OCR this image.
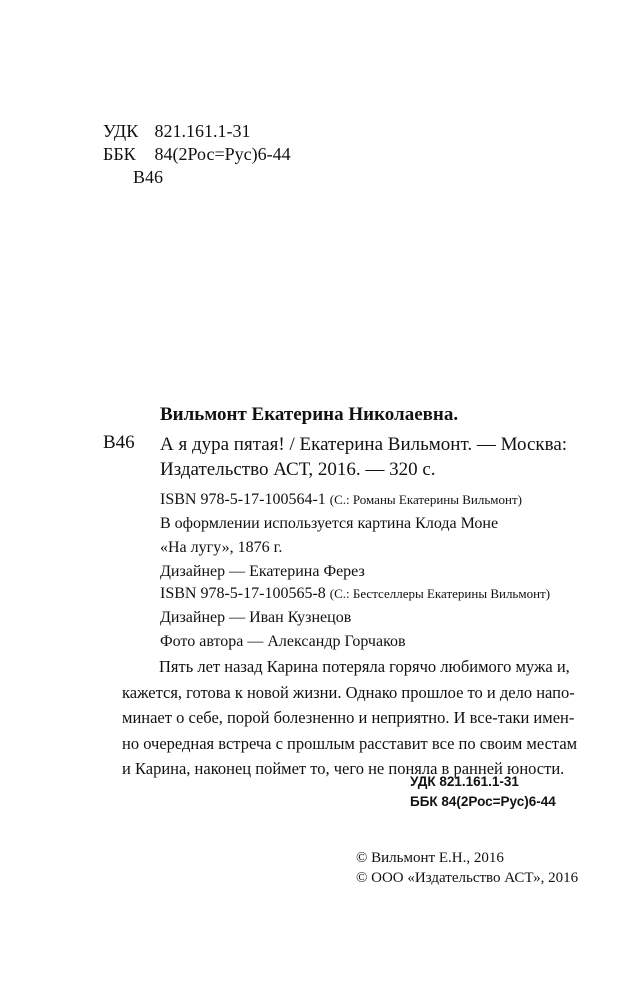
УДК 821.161.1-31
ББК 84(2Рос=Рус)6-44
В46
Вильмонт Екатерина Николаевна.
В46 А я дура пятая! / Екатерина Вильмонт. — Москва:
Издательство АСТ, 2016. — 320 с.
ISBN 978-5-17-100564-1 (С.: Романы Екатерины Вильмонт)
В оформлении используется картина Клода Моне
«На лугу», 1876 г.
Дизайнер — Екатерина Ферез
ISBN 978-5-17-100565-8 (С.: Бестселлеры Екатерины Вильмонт)
Дизайнер — Иван Кузнецов
Фото автора — Александр Горчаков
Пять лет назад Карина потеряла горячо любимого мужа и,
кажется, готова к новой жизни. Однако прошлое то и дело напо-
минает о себе, порой болезненно и неприятно. И все-таки имен-
но очередная встреча с прошлым расставит все по своим местам
и Карина, наконец поймет то, чего не поняла в ранней юности.
УДК 821.161.1-31
ББК 84(2Рос=Рус)6-44
© Вильмонт Е.Н., 2016
© ООО «Издательство АСТ», 2016
